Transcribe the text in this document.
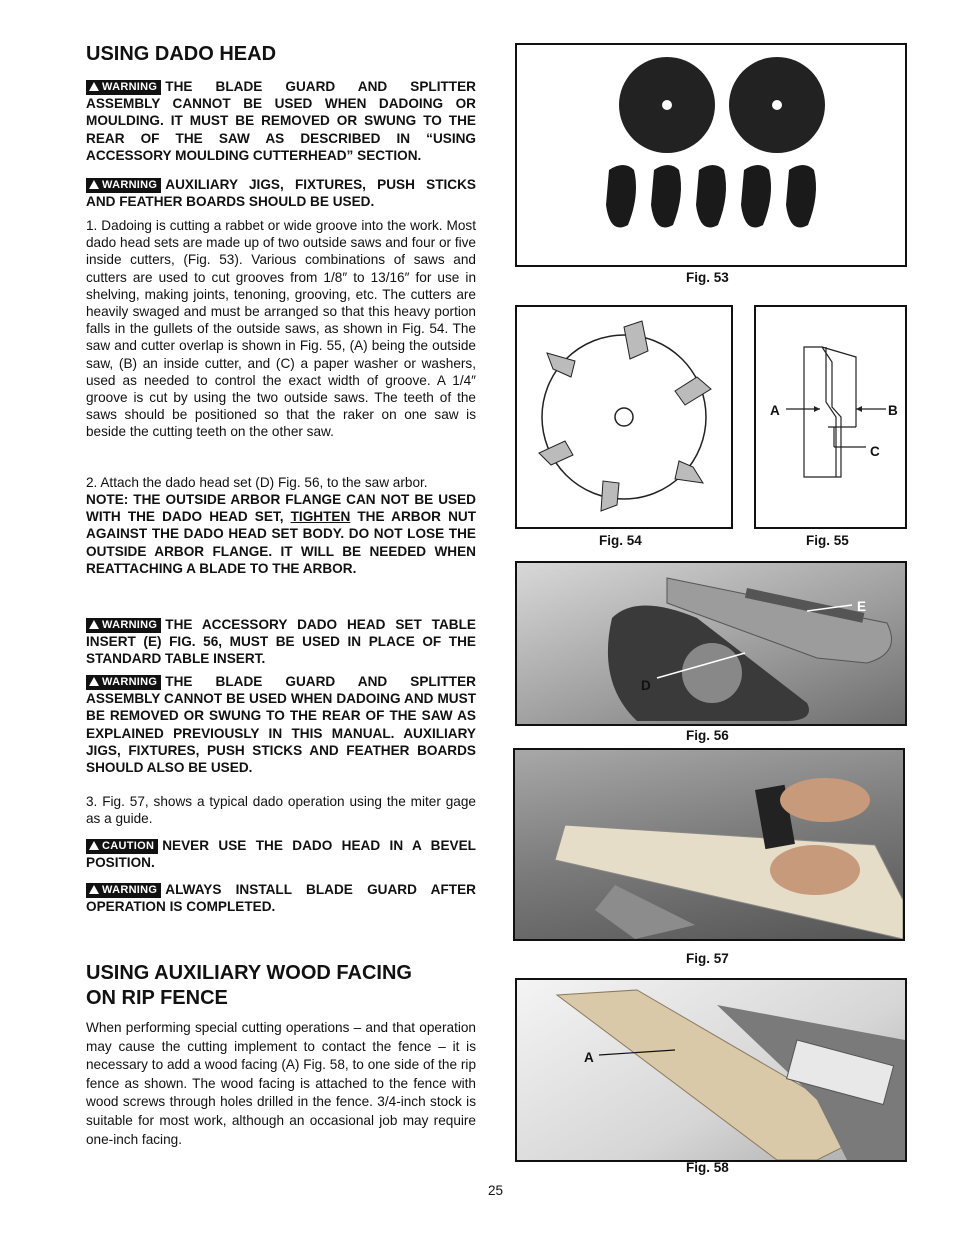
USING DADO HEAD
WARNING THE BLADE GUARD AND SPLITTER ASSEMBLY CANNOT BE USED WHEN DADOING OR MOULDING. IT MUST BE REMOVED OR SWUNG TO THE REAR OF THE SAW AS DESCRIBED IN “USING ACCESSORY MOULDING CUTTERHEAD” SECTION.
WARNING AUXILIARY JIGS, FIXTURES, PUSH STICKS AND FEATHER BOARDS SHOULD BE USED.
1. Dadoing is cutting a rabbet or wide groove into the work. Most dado head sets are made up of two outside saws and four or five inside cutters, (Fig. 53). Various combinations of saws and cutters are used to cut grooves from 1/8″ to 13/16″ for use in shelving, making joints, tenoning, grooving, etc. The cutters are heavily swaged and must be arranged so that this heavy portion falls in the gullets of the outside saws, as shown in Fig. 54. The saw and cutter overlap is shown in Fig. 55, (A) being the outside saw, (B) an inside cutter, and (C) a paper washer or washers, used as needed to control the exact width of groove. A 1/4″ groove is cut by using the two outside saws. The teeth of the saws should be positioned so that the raker on one saw is beside the cutting teeth on the other saw.
2. Attach the dado head set (D) Fig. 56, to the saw arbor.
NOTE: THE OUTSIDE ARBOR FLANGE CAN NOT BE USED WITH THE DADO HEAD SET, TIGHTEN THE ARBOR NUT AGAINST THE DADO HEAD SET BODY. DO NOT LOSE THE OUTSIDE ARBOR FLANGE. IT WILL BE NEEDED WHEN REATTACHING A BLADE TO THE ARBOR.
WARNING THE ACCESSORY DADO HEAD SET TABLE INSERT (E) FIG. 56, MUST BE USED IN PLACE OF THE STANDARD TABLE INSERT.
WARNING THE BLADE GUARD AND SPLITTER ASSEMBLY CANNOT BE USED WHEN DADOING AND MUST BE REMOVED OR SWUNG TO THE REAR OF THE SAW AS EXPLAINED PREVIOUSLY IN THIS MANUAL. AUXILIARY JIGS, FIXTURES, PUSH STICKS AND FEATHER BOARDS SHOULD ALSO BE USED.
3. Fig. 57, shows a typical dado operation using the miter gage as a guide.
CAUTION NEVER USE THE DADO HEAD IN A BEVEL POSITION.
WARNING ALWAYS INSTALL BLADE GUARD AFTER OPERATION IS COMPLETED.
USING AUXILIARY WOOD FACING
ON RIP FENCE
When performing special cutting operations – and that operation may cause the cutting implement to contact the fence – it is necessary to add a wood facing (A) Fig. 58, to one side of the rip fence as shown. The wood facing is attached to the fence with wood screws through holes drilled in the fence. 3/4-inch stock is suitable for most work, although an occasional job may require one-inch facing.
Fig. 53
Fig. 54
A	B
C
Fig. 55
D
E
Fig. 56
Fig. 57
A
Fig. 58
25
